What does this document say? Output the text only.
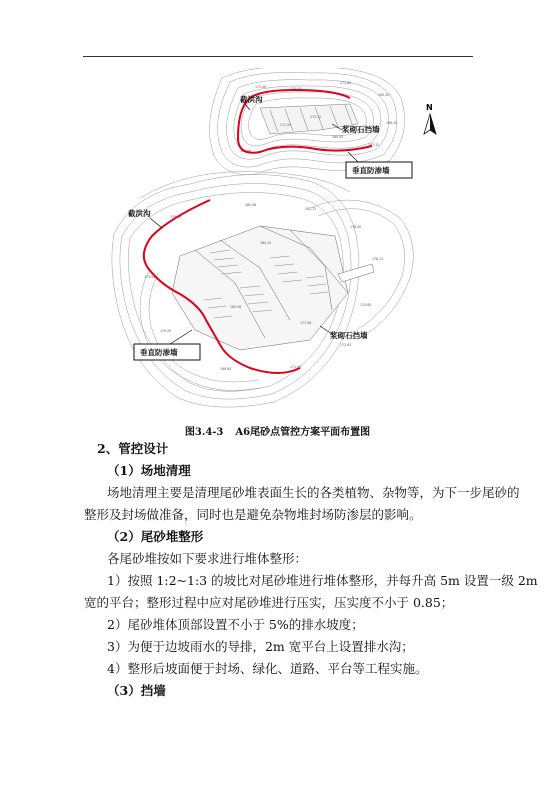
172.80
169.32
170.45
171.06
168.35
167.11
173.12
171.50
169.05
166.94
截洪沟
浆砌石挡墙
垂直防渗墙
N
185.46
181.72
178.40
176.11
174.85
172.63
171.05
169.84
170.20
173.91
179.33
184.10
180.56
177.08
截洪沟
浆砌石挡墙
垂直防渗墙
图3.4-3 A6尾砂点管控方案平面布置图
2、管控设计
（1）场地清理
场地清理主要是清理尾砂堆表面生长的各类植物、杂物等，为下一步尾砂的
整形及封场做准备，同时也是避免杂物堆封场防渗层的影响。
（2）尾砂堆整形
各尾砂堆按如下要求进行堆体整形：
1）按照 1:2~1:3 的坡比对尾砂堆进行堆体整形，并每升高 5m 设置一级 2m
宽的平台；整形过程中应对尾砂堆进行压实，压实度不小于 0.85；
2）尾砂堆体顶部设置不小于 5%的排水坡度；
3）为便于边坡雨水的导排，2m 宽平台上设置排水沟；
4）整形后坡面便于封场、绿化、道路、平台等工程实施。
（3）挡墙
